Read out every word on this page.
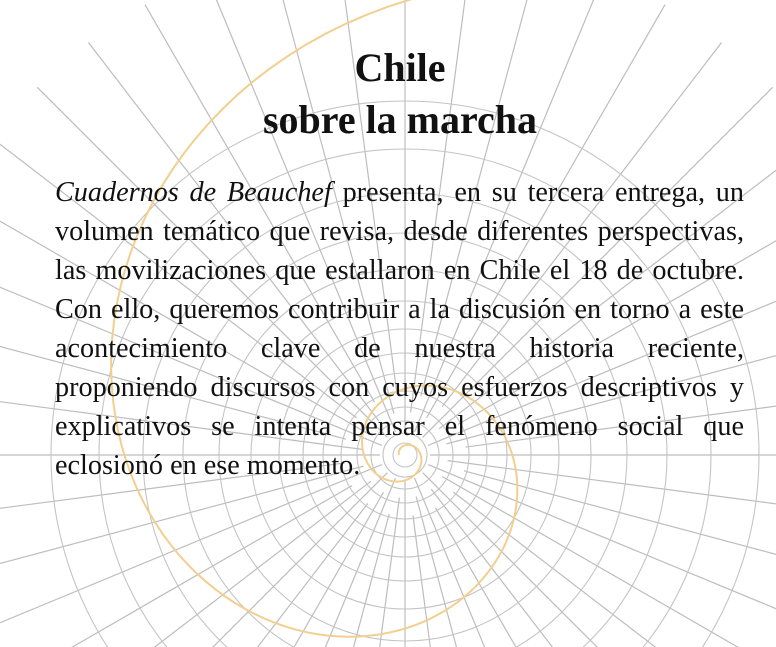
Chile
sobre la marcha
Cuadernos de Beauchef presenta, en su tercera entrega, un volumen temático que revisa, desde diferentes perspectivas, las movilizaciones que estallaron en Chile el 18 de octubre. Con ello, queremos contribuir a la discusión en torno a este acontecimiento clave de nuestra historia reciente, proponiendo discursos con cuyos esfuerzos descriptivos y explicativos se intenta pensar el fenómeno social que eclosionó en ese momento.
